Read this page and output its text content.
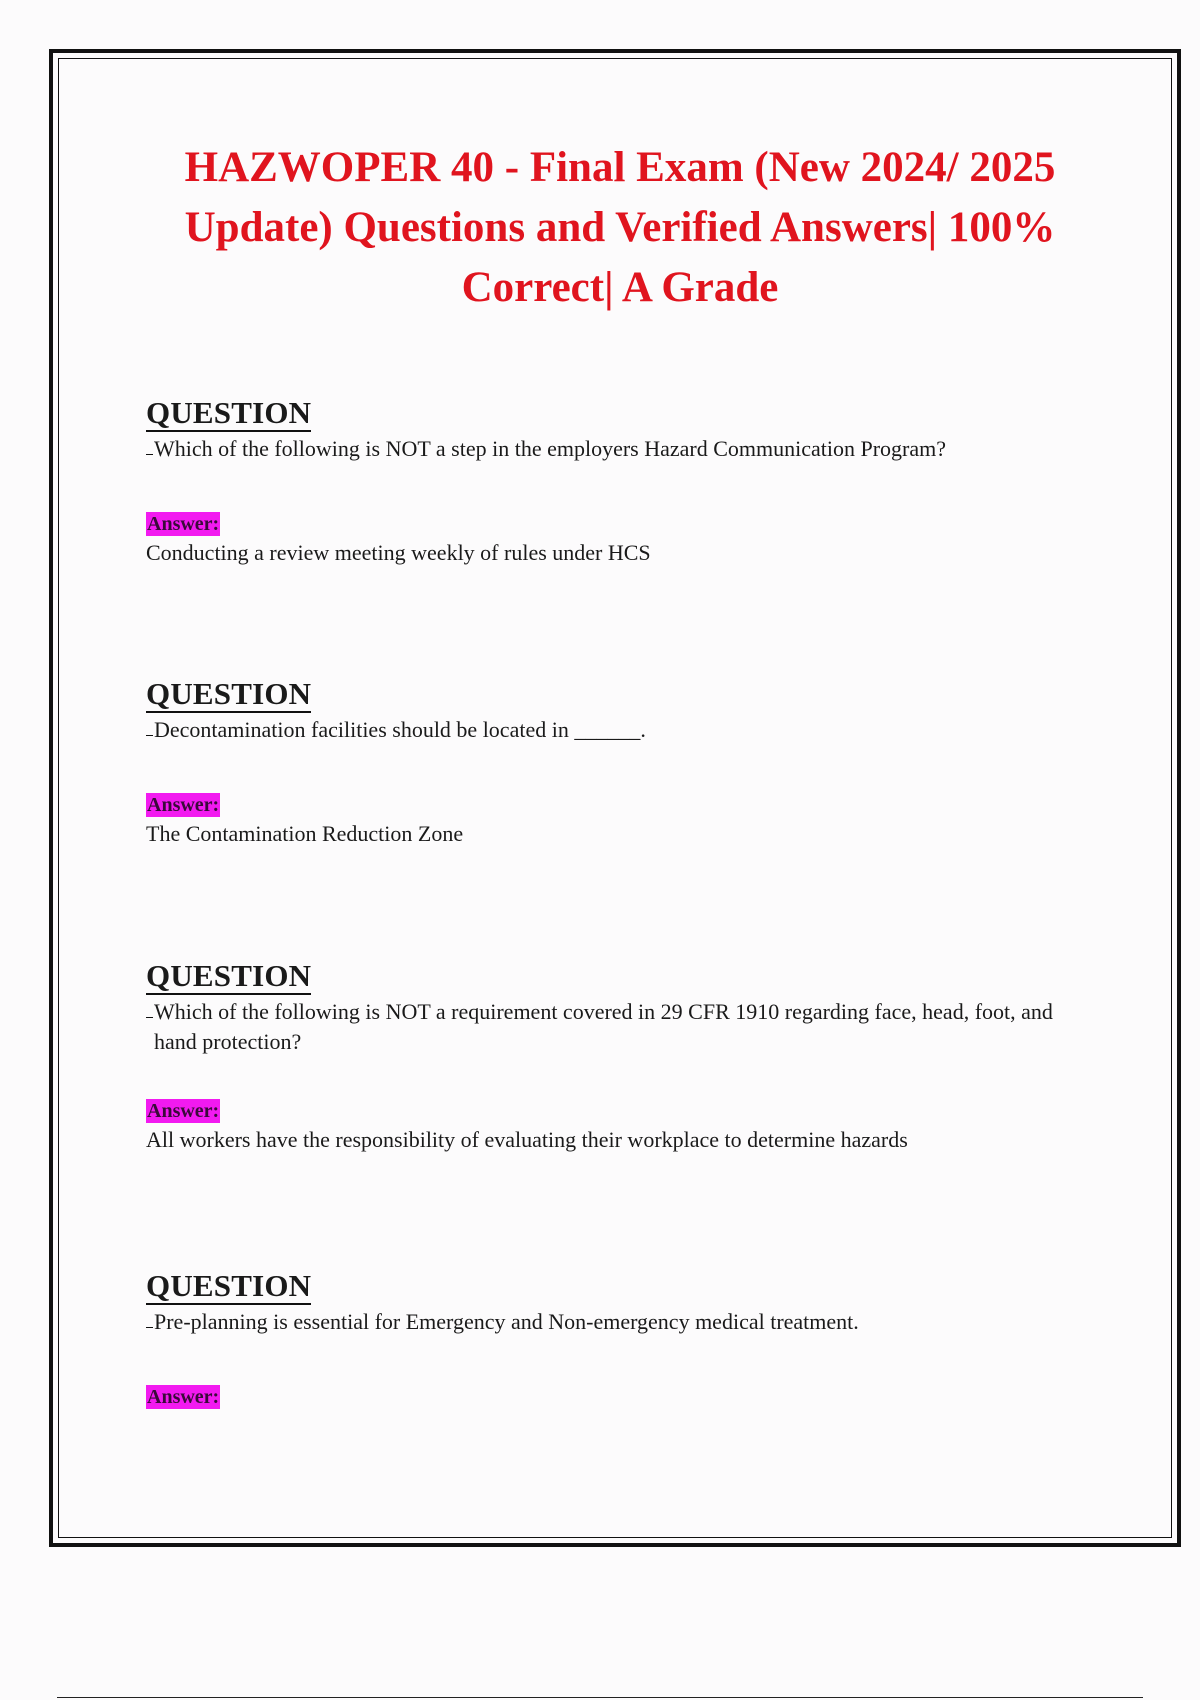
HAZWOPER 40 - Final Exam (New 2024/ 2025 Update) Questions and Verified Answers| 100% Correct| A Grade
QUESTION
Which of the following is NOT a step in the employers Hazard Communication Program?
Answer:
Conducting a review meeting weekly of rules under HCS
QUESTION
Decontamination facilities should be located in ______.
Answer:
The Contamination Reduction Zone
QUESTION
Which of the following is NOT a requirement covered in 29 CFR 1910 regarding face, head, foot, and hand protection?
Answer:
All workers have the responsibility of evaluating their workplace to determine hazards
QUESTION
Pre-planning is essential for Emergency and Non-emergency medical treatment.
Answer:
